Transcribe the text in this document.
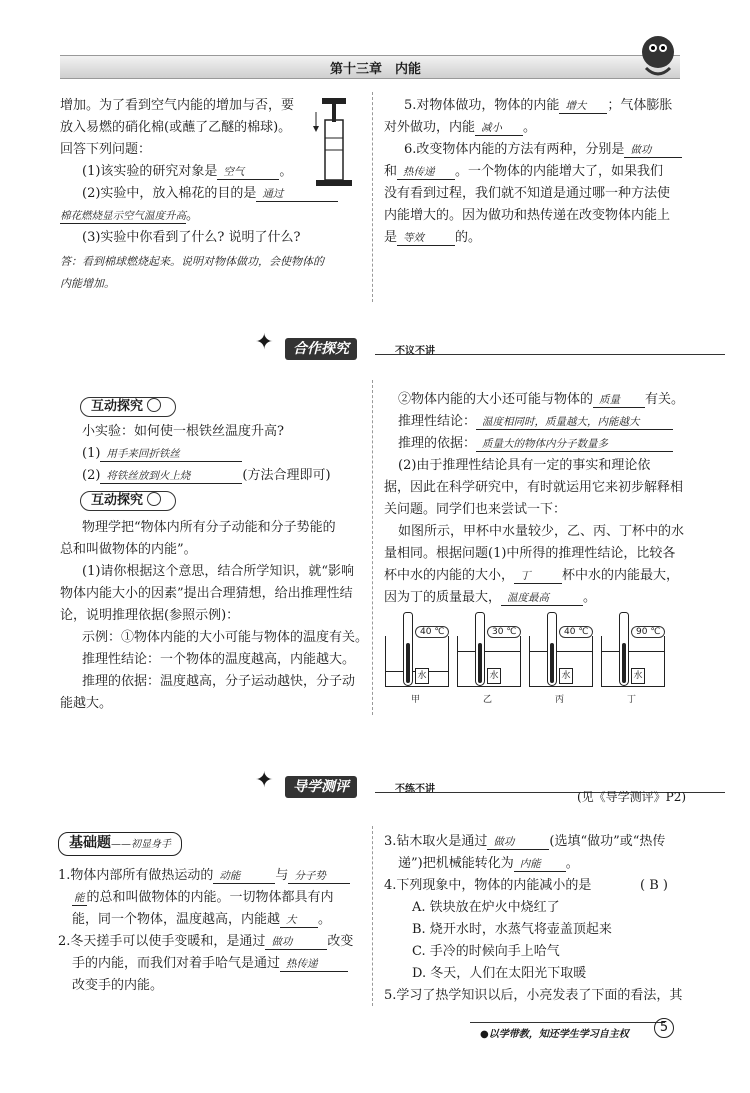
第十三章　内能
增加。为了看到空气内能的增加与否，要
放入易燃的硝化棉(或蘸了乙醚的棉球)。
回答下列问题：
(1)该实验的研究对象是 空气	。
(2)实验中，放入棉花的目的是 通过
棉花燃烧显示空气温度升高。
(3)实验中你看到了什么? 说明了什么?
答：看到棉球燃烧起来。说明对物体做功，会使物体的
内能增加。
5.对物体做功，物体的内能 增大 ；气体膨胀
对外做功，内能 减小 。
6.改变物体内能的方法有两种，分别是 做功
和 热传递 。一个物体的内能增大了，如果我们
没有看到过程，我们就不知道是通过哪一种方法使
内能增大的。因为做功和热传递在改变物体内能上
是 等效 的。
✦	合作探究	不议不讲
互动探究
小实验：如何使一根铁丝温度升高?
(1) 用手来回折铁丝
(2) 将铁丝放到火上烧	(方法合理即可)
互动探究
物理学把“物体内所有分子动能和分子势能的
总和叫做物体的内能”。
(1)请你根据这个意思，结合所学知识，就“影响
物体内能大小的因素”提出合理猜想，给出推理性结
论，说明推理依据(参照示例)：
示例：①物体内能的大小可能与物体的温度有关。
推理性结论：一个物体的温度越高，内能越大。
推理的依据：温度越高，分子运动越快，分子动
能越大。
②物体内能的大小还可能与物体的 质量 有关。
推理性结论： 温度相同时，质量越大，内能越大
推理的依据： 质量大的物体内分子数量多
(2)由于推理性结论具有一定的事实和理论依
据，因此在科学研究中，有时就运用它来初步解释相
关问题。同学们也来尝试一下：
如图所示，甲杯中水量较少，乙、丙、丁杯中的水
量相同。根据问题(1)中所得的推理性结论，比较各
杯中水的内能的大小， 丁 杯中水的内能最大，
因为丁的质量最大， 温度最高	。
40 ℃
水
甲
30 ℃
水
乙
40 ℃
水
丙
90 ℃
水
丁
✦	导学测评	不练不讲
(见《导学测评》P2)
基础题——初显身手
1.物体内部所有做热运动的 动能	与 分子势
能 的总和叫做物体的内能。一切物体都具有内
能，同一个物体，温度越高，内能越 大 。
2.冬天搓手可以使手变暖和，是通过 做功	改变
手的内能，而我们对着手哈气是通过 热传递
改变手的内能。
3.钻木取火是通过 做功	(选填“做功”或“热传
递”)把机械能转化为 内能 。
4.下列现象中，物体的内能减小的是	( B )
A. 铁块放在炉火中烧红了
B. 烧开水时，水蒸气将壶盖顶起来
C. 手冷的时候向手上哈气
D. 冬天，人们在太阳光下取暖
5.学习了热学知识以后，小亮发表了下面的看法，其
●以学带教，知还学生学习自主权	5
